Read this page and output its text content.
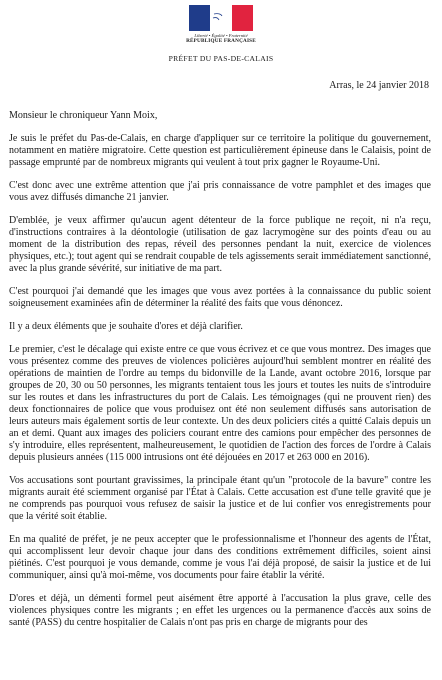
Liberté • Égalité • Fraternité
RÉPUBLIQUE FRANÇAISE
PRÉFET DU PAS-DE-CALAIS
Arras, le 24 janvier 2018

Monsieur le chroniqueur Yann Moix,

Je suis le préfet du Pas-de-Calais, en charge d'appliquer sur ce territoire la politique du gouvernement, notamment en matière migratoire. Cette question est particulièrement épineuse dans le Calaisis, point de passage emprunté par de nombreux migrants qui veulent à tout prix gagner le Royaume-Uni.

C'est donc avec une extrême attention que j'ai pris connaissance de votre pamphlet et des images que vous avez diffusés dimanche 21 janvier.

D'emblée, je veux affirmer qu'aucun agent détenteur de la force publique ne reçoit, ni n'a reçu, d'instructions contraires à la déontologie (utilisation de gaz lacrymogène sur des points d'eau ou au moment de la distribution des repas, réveil des personnes pendant la nuit, exercice de violences physiques, etc.); tout agent qui se rendrait coupable de tels agissements serait immédiatement sanctionné, avec la plus grande sévérité, sur initiative de ma part.

C'est pourquoi j'ai demandé que les images que vous avez portées à la connaissance du public soient soigneusement examinées afin de déterminer la réalité des faits que vous dénoncez.

Il y a deux éléments que je souhaite d'ores et déjà clarifier.

Le premier, c'est le décalage qui existe entre ce que vous écrivez et ce que vous montrez. Des images que vous présentez comme des preuves de violences policières aujourd'hui semblent montrer en réalité des opérations de maintien de l'ordre au temps du bidonville de la Lande, avant octobre 2016, lorsque par groupes de 20, 30 ou 50 personnes, les migrants tentaient tous les jours et toutes les nuits de s'introduire sur les routes et dans les infrastructures du port de Calais. Les témoignages (qui ne prouvent rien) des deux fonctionnaires de police que vous produisez ont été non seulement diffusés sans autorisation de leurs auteurs mais également sortis de leur contexte. Un des deux policiers cités a quitté Calais depuis un an et demi. Quant aux images des policiers courant entre des camions pour empêcher des personnes de s'y introduire, elles représentent, malheureusement, le quotidien de l'action des forces de l'ordre à Calais depuis plusieurs années (115 000 intrusions ont été déjouées en 2017 et 263 000 en 2016).

Vos accusations sont pourtant gravissimes, la principale étant qu'un "protocole de la bavure" contre les migrants aurait été sciemment organisé par l'État à Calais. Cette accusation est d'une telle gravité que je ne comprends pas pourquoi vous refusez de saisir la justice et de lui confier vos enregistrements pour que la vérité soit établie.

En ma qualité de préfet, je ne peux accepter que le professionnalisme et l'honneur des agents de l'État, qui accomplissent leur devoir chaque jour dans des conditions extrêmement difficiles, soient ainsi piétinés. C'est pourquoi je vous demande, comme je vous l'ai déjà proposé, de saisir la justice et de lui communiquer, ainsi qu'à moi-même, vos documents pour faire établir la vérité.

D'ores et déjà, un démenti formel peut aisément être apporté à l'accusation la plus grave, celle des violences physiques contre les migrants ; en effet les urgences ou la permanence d'accès aux soins de santé (PASS) du centre hospitalier de Calais n'ont pas pris en charge de migrants pour des
